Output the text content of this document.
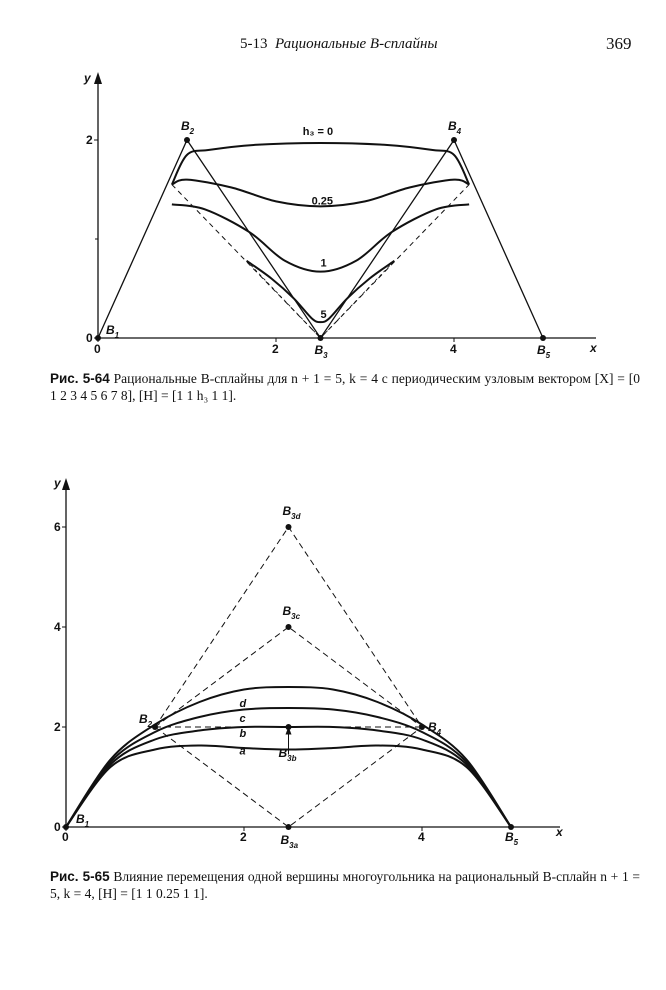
5-13 Рациональные B-сплайны	369
y
x
0	2	4
0
2
$B_1$
$B_2$
$B_3$
$B_4$
$B_5$
h₃ = 0
0.25
1
5
Рис. 5-64 Рациональные B-сплайны для n + 1 = 5, k = 4 с периодическим узловым вектором [X] = [0 1 2 3 4 5 6 7 8], [H] = [1 1 h₃ 1 1].
y
x
0	2	4
0
2
4
6
$B_1$
$B_2$
$B_{3a}$
$B_{3b}$
$B_{3c}$
$B_{3d}$
$B_4$
$B_5$
a
b
c
d
Рис. 5-65 Влияние перемещения одной вершины многоугольника на рациональный B-сплайн n + 1 = 5, k = 4, [H] = [1 1 0.25 1 1].
